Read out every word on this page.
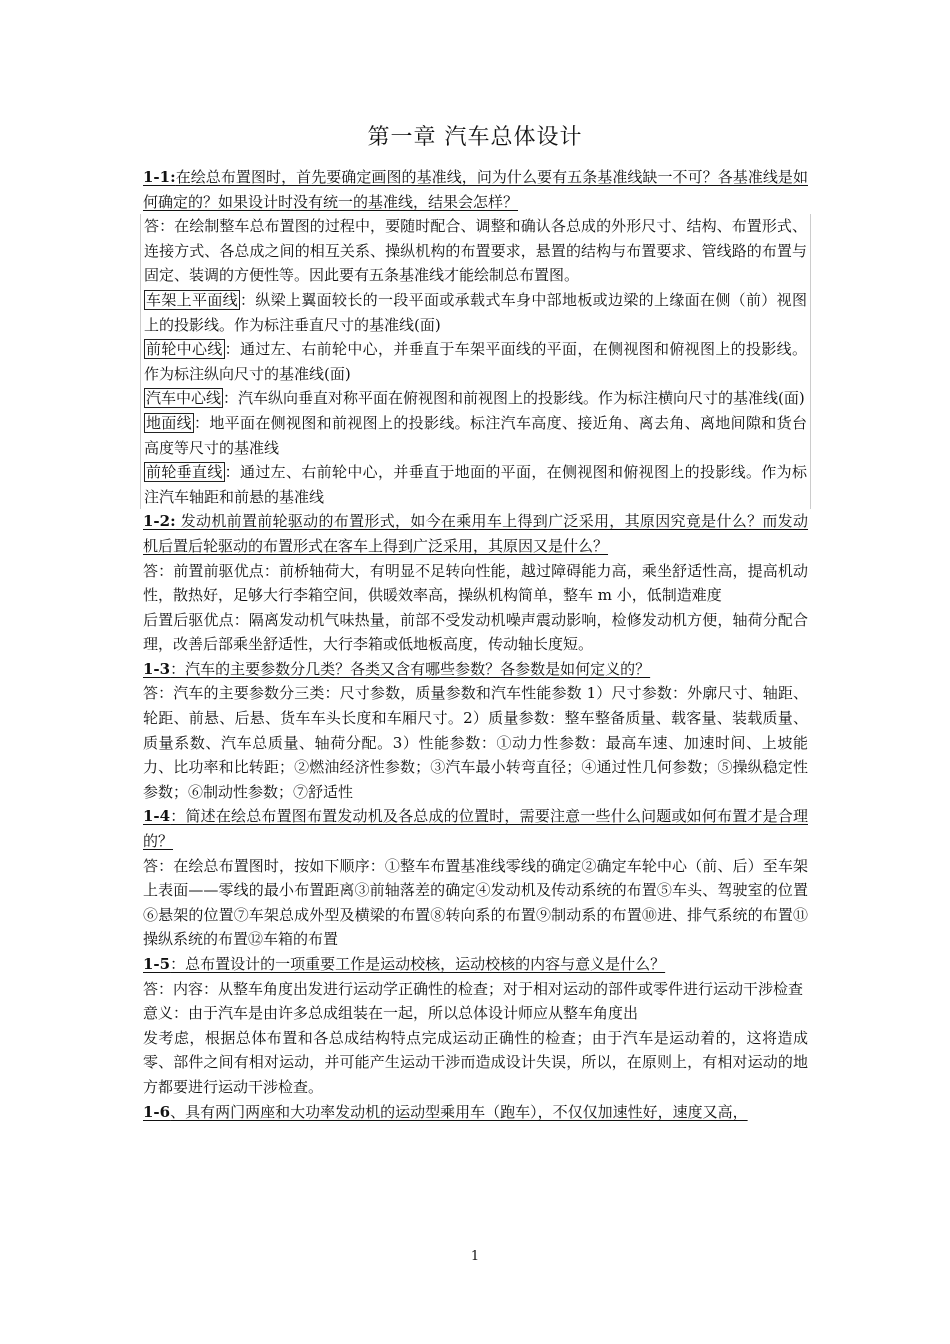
第一章 汽车总体设计
1-1:在绘总布置图时，首先要确定画图的基准线，问为什么要有五条基准线缺一不可？各基准线是如何确定的？如果设计时没有统一的基准线，结果会怎样？
答：在绘制整车总布置图的过程中，要随时配合、调整和确认各总成的外形尺寸、结构、布置形式、连接方式、各总成之间的相互关系、操纵机构的布置要求，悬置的结构与布置要求、管线路的布置与固定、装调的方便性等。因此要有五条基准线才能绘制总布置图。
车架上平面线 ：纵梁上翼面较长的一段平面或承载式车身中部地板或边梁的上缘面在侧（前）视图上的投影线。作为标注垂直尺寸的基准线(面)
前轮中心线 ：通过左、右前轮中心，并垂直于车架平面线的平面，在侧视图和俯视图上的投影线。作为标注纵向尺寸的基准线(面)
汽车中心线 ：汽车纵向垂直对称平面在俯视图和前视图上的投影线。作为标注横向尺寸的基准线(面)
地面线 ：地平面在侧视图和前视图上的投影线。标注汽车高度、接近角、离去角、离地间隙和货台高度等尺寸的基准线
前轮垂直线 ：通过左、右前轮中心，并垂直于地面的平面，在侧视图和俯视图上的投影线。作为标注汽车轴距和前悬的基准线
1-2: 发动机前置前轮驱动的布置形式，如今在乘用车上得到广泛采用，其原因究竟是什么？而发动机后置后轮驱动的布置形式在客车上得到广泛采用，其原因又是什么？
答：前置前驱优点：前桥轴荷大，有明显不足转向性能，越过障碍能力高，乘坐舒适性高，提高机动性，散热好，足够大行李箱空间，供暖效率高，操纵机构简单，整车 m 小，低制造难度
后置后驱优点：隔离发动机气味热量，前部不受发动机噪声震动影响，检修发动机方便，轴荷分配合理，改善后部乘坐舒适性，大行李箱或低地板高度，传动轴长度短。
1-3：汽车的主要参数分几类？各类又含有哪些参数？各参数是如何定义的？
答：汽车的主要参数分三类：尺寸参数，质量参数和汽车性能参数 1）尺寸参数：外廓尺寸、轴距、轮距、前悬、后悬、货车车头长度和车厢尺寸。2）质量参数：整车整备质量、载客量、装载质量、质量系数、汽车总质量、轴荷分配。3）性能参数：①动力性参数：最高车速、加速时间、上坡能力、比功率和比转距；②燃油经济性参数；③汽车最小转弯直径；④通过性几何参数；⑤操纵稳定性参数；⑥制动性参数；⑦舒适性
1-4：简述在绘总布置图布置发动机及各总成的位置时，需要注意一些什么问题或如何布置才是合理的？
答：在绘总布置图时，按如下顺序：①整车布置基准线零线的确定②确定车轮中心（前、后）至车架上表面——零线的最小布置距离③前轴落差的确定④发动机及传动系统的布置⑤车头、驾驶室的位置⑥悬架的位置⑦车架总成外型及横梁的布置⑧转向系的布置⑨制动系的布置⑩进、排气系统的布置⑪操纵系统的布置⑫车箱的布置
1-5：总布置设计的一项重要工作是运动校核，运动校核的内容与意义是什么？
答：内容：从整车角度出发进行运动学正确性的检查；对于相对运动的部件或零件进行运动干涉检查
意义：由于汽车是由许多总成组装在一起，所以总体设计师应从整车角度出
发考虑，根据总体布置和各总成结构特点完成运动正确性的检查；由于汽车是运动着的，这将造成零、部件之间有相对运动，并可能产生运动干涉而造成设计失误，所以，在原则上，有相对运动的地方都要进行运动干涉检查。
1-6、具有两门两座和大功率发动机的运动型乘用车（跑车），不仅仅加速性好，速度又高，
1
